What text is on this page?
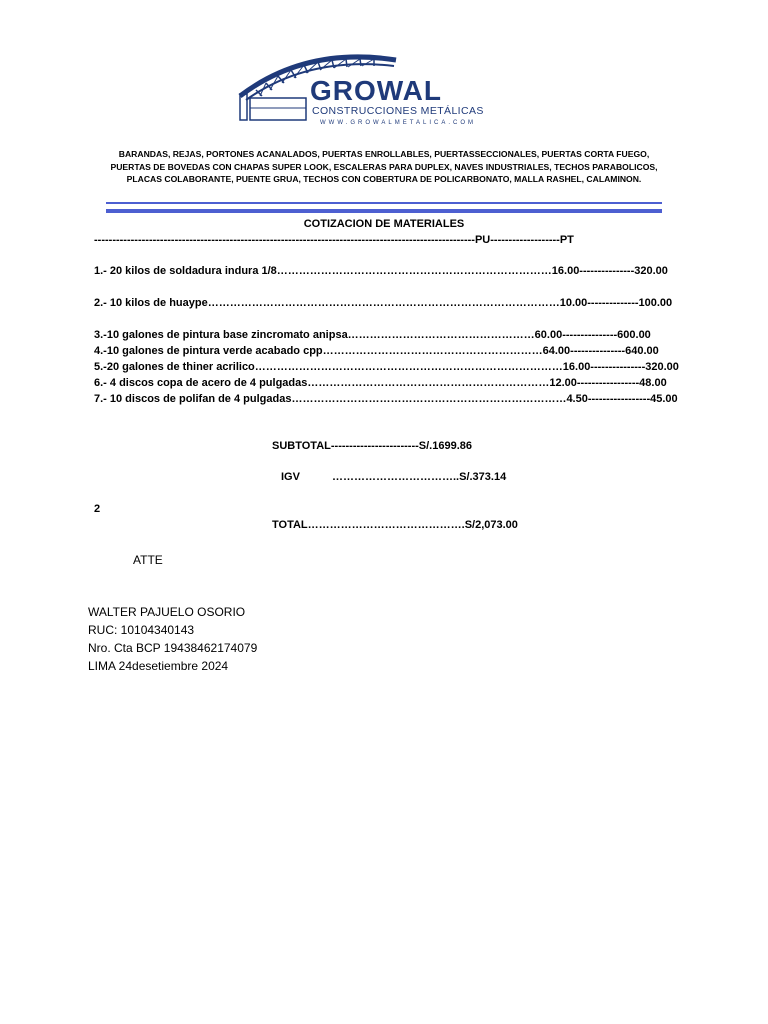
GROWAL
CONSTRUCCIONES METÁLICAS
WWW.GROWALMETALICA.COM
BARANDAS, REJAS, PORTONES ACANALADOS, PUERTAS ENROLLABLES, PUERTASSECCIONALES, PUERTAS CORTA FUEGO,
PUERTAS DE BOVEDAS CON CHAPAS SUPER LOOK, ESCALERAS PARA DUPLEX, NAVES INDUSTRIALES, TECHOS PARABOLICOS,
PLACAS COLABORANTE, PUENTE GRUA, TECHOS CON COBERTURA DE POLICARBONATO, MALLA RASHEL, CALAMINON.
COTIZACION DE MATERIALES
--------------------------------------------------------------------------------------------------------PU-------------------PT
1.- 20 kilos de soldadura indura 1/8…………………………………………………………………16.00---------------320.00
2.- 10 kilos de huaype……………………………………………………………………………………10.00--------------100.00
3.-10 galones de pintura base zincromato anipsa……………………………………………60.00---------------600.00
4.-10 galones de pintura verde acabado cpp……………………………………………………64.00---------------640.00
5.-20 galones de thiner acrilico…………………………………………………………………………16.00---------------320.00
6.- 4 discos copa de acero de 4 pulgadas…………………………………………………………12.00-----------------48.00
7.- 10 discos de polifan de 4 pulgadas…………………………………………………………………4.50-----------------45.00
SUBTOTAL------------------------S/.1699.86
IGV	……………………………..S/.373.14
2
TOTAL…………………………………….S/2,073.00
ATTE
WALTER PAJUELO OSORIO
RUC: 10104340143
Nro. Cta BCP 19438462174079
LIMA 24desetiembre 2024
